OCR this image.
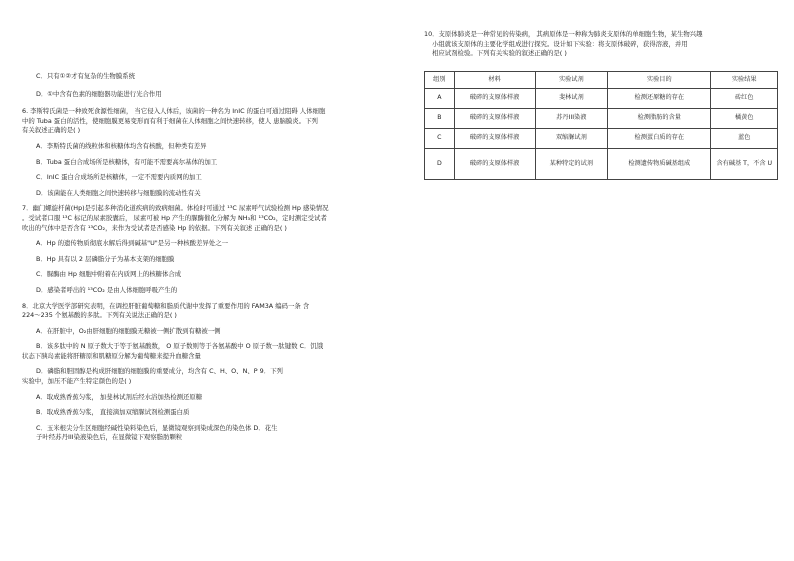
C．只有①②才有复杂的生物膜系统
D．①中含有色素的细胞器功能进行光合作用
6. 李斯特氏菌是一种致死食源性细菌， 当它侵入人体后，该菌的一种名为 InIC 的蛋白可通过阻碍 人体细胞
中的 Tuba 蛋白的活性，使细胞膜更易变形而有利于细菌在人体细胞之间快速转移，使人 患脑膜炎。下列
有关叙述正确的是( )
A．李斯特氏菌的线粒体和核糖体均含有核酸，但种类有差异
B．Tuba 蛋白合成场所是核糖体，有可能不需要高尔基体的加工
C．InIC 蛋白合成场所是核糖体，一定不需要内质网的加工
D．该菌能在人类细胞之间快速转移与细胞膜的流动性有关
7．幽门螺旋杆菌(Hp)是引起多种消化道疾病的致病细菌。体检时可通过 ¹³C 尿素呼气试验检测 Hp 感染情况
。受试者口服 ¹³C 标记的尿素胶囊后， 尿素可被 Hp 产生的脲酶催化分解为 NH₃和 ¹³CO₂，定时测定受试者
吹出的气体中是否含有 ¹³CO₂，来作为受试者是否感染 Hp 的依据。下列有关叙述 正确的是( )
A．Hp 的遗传物质彻底水解后得到碱基"U"是另一种核酸差异处之一
B．Hp 具有以 2 层磷脂分子为基本支架的细胞膜
C．脲酶由 Hp 细胞中附着在内质网上的核糖体合成
D．感染者呼出的 ¹³CO₂ 是由人体细胞呼吸产生的
8．北京大学医学部研究表明，在调控肝脏葡萄糖和脂质代谢中发挥了重要作用的 FAM3A 编码一条 含
224～235 个氨基酸的多肽。下列有关说法正确的是( )
A．在肝脏中，O₂由肝细胞的细胞膜无糖被一侧扩散到有糖被一侧
B．该多肽中的 N 原子数大于等于氨基酸数， O 原子数则等于各氨基酸中 O 原子数一肽键数 C．饥饿
状态下胰岛素能将肝糖原和肌糖原分解为葡萄糖来提升血糖含量
D．磷脂和胆固醇是构成肝细胞的细胞膜的重要成分，均含有 C、H、O、N、P 9．下列
实验中，加压不能产生特定颜色的是( )
A．取成熟香蕉匀浆， 加斐林试剂后经水浴加热检测还原糖
B．取成熟香蕉匀浆， 直接滴加双缩脲试剂检测蛋白质
C．玉米根尖分生区细胞经碱性染料染色后，显微镜观察到染成深色的染色体 D．花生
子叶经苏丹III染液染色后，在显微镜下观察脂肪颗粒
10．支原体肺炎是一种常见的传染病， 其病原体是一种称为肺炎支原体的单细胞生物，某生物兴趣
小组就该支原体的主要化学组成进行探究。设计如下实验：将支原体破碎，获得溶液，并用
相应试剂检验。下列有关实验的叙述正确的是( )
组别	材料	实验试剂	实验目的	实验结果
A	破碎的支原体样液	斐林试剂	检测还原糖的存在	砖红色
B	破碎的支原体样液	苏丹III染液	检测脂肪的含量	橘黄色
C	破碎的支原体样液	双缩脲试剂	检测蛋白质的存在	蓝色
D	破碎的支原体样液	某种特定的试剂	检测遗传物质碱基组成	含有碱基 T，不含 U
